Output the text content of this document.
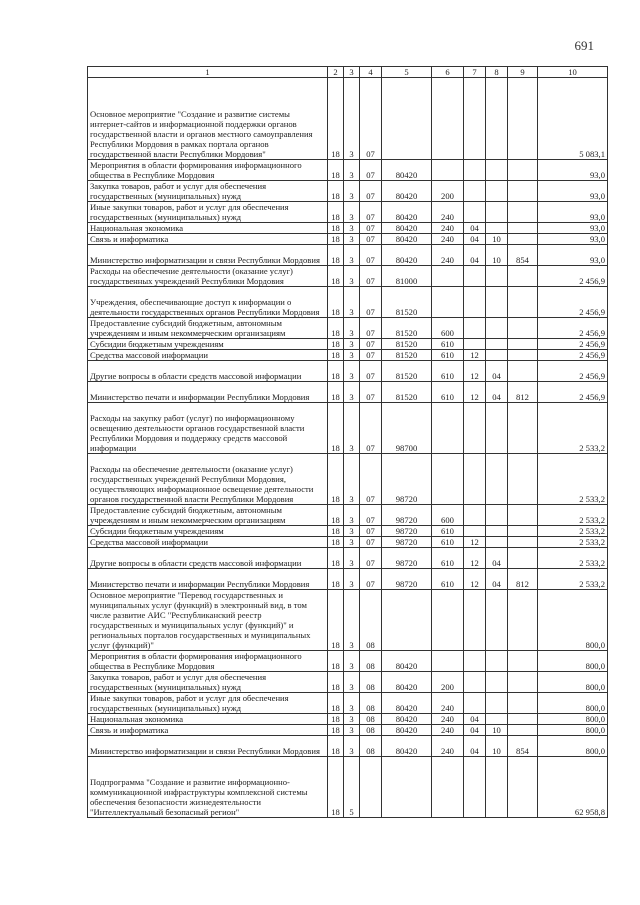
691
1	2	3	4	5	6	7	8	9	10
Основное мероприятие "Создание и развитие системы интернет-сайтов и информационной поддержки органов государственной власти и органов местного самоуправления Республики Мордовия в рамках портала органов государственной власти Республики Мордовия"	18	3	07						5 083,1
Мероприятия в области формирования информационного общества в Республике Мордовия	18	3	07	80420					93,0
Закупка товаров, работ и услуг для обеспечения государственных (муниципальных) нужд	18	3	07	80420	200				93,0
Иные закупки товаров, работ и услуг для обеспечения государственных (муниципальных) нужд	18	3	07	80420	240				93,0
Национальная экономика	18	3	07	80420	240	04			93,0
Связь и информатика	18	3	07	80420	240	04	10		93,0
Министерство информатизации и связи Республики Мордовия	18	3	07	80420	240	04	10	854	93,0
Расходы на обеспечение деятельности (оказание услуг) государственных учреждений Республики Мордовия	18	3	07	81000					2 456,9
Учреждения, обеспечивающие доступ к информации о деятельности государственных органов Республики Мордовия	18	3	07	81520					2 456,9
Предоставление субсидий бюджетным, автономным учреждениям и иным некоммерческим организациям	18	3	07	81520	600				2 456,9
Субсидии бюджетным учреждениям	18	3	07	81520	610				2 456,9
Средства массовой информации	18	3	07	81520	610	12			2 456,9
Другие вопросы в области средств массовой информации	18	3	07	81520	610	12	04		2 456,9
Министерство печати и информации Республики Мордовия	18	3	07	81520	610	12	04	812	2 456,9
Расходы на закупку работ (услуг) по информационному освещению деятельности органов государственной власти Республики Мордовия и поддержку средств массовой информации	18	3	07	98700					2 533,2
Расходы на обеспечение деятельности (оказание услуг) государственных учреждений Республики Мордовия, осуществляющих информационное освещение деятельности органов государственной власти Республики Мордовия	18	3	07	98720					2 533,2
Предоставление субсидий бюджетным, автономным учреждениям и иным некоммерческим организациям	18	3	07	98720	600				2 533,2
Субсидии бюджетным учреждениям	18	3	07	98720	610				2 533,2
Средства массовой информации	18	3	07	98720	610	12			2 533,2
Другие вопросы в области средств массовой информации	18	3	07	98720	610	12	04		2 533,2
Министерство печати и информации Республики Мордовия	18	3	07	98720	610	12	04	812	2 533,2
Основное мероприятие "Перевод государственных и муниципальных услуг (функций) в электронный вид, в том числе развитие АИС "Республиканский реестр государственных и муниципальных услуг (функций)" и региональных порталов государственных и муниципальных услуг (функций)"	18	3	08						800,0
Мероприятия в области формирования информационного общества в Республике Мордовия	18	3	08	80420					800,0
Закупка товаров, работ и услуг для обеспечения государственных (муниципальных) нужд	18	3	08	80420	200				800,0
Иные закупки товаров, работ и услуг для обеспечения государственных (муниципальных) нужд	18	3	08	80420	240				800,0
Национальная экономика	18	3	08	80420	240	04			800,0
Связь и информатика	18	3	08	80420	240	04	10		800,0
Министерство информатизации и связи Республики Мордовия	18	3	08	80420	240	04	10	854	800,0
Подпрограмма "Создание и развитие информационно-коммуникационной инфраструктуры комплексной системы обеспечения безопасности жизнедеятельности "Интеллектуальный безопасный регион"	18	5							62 958,8
